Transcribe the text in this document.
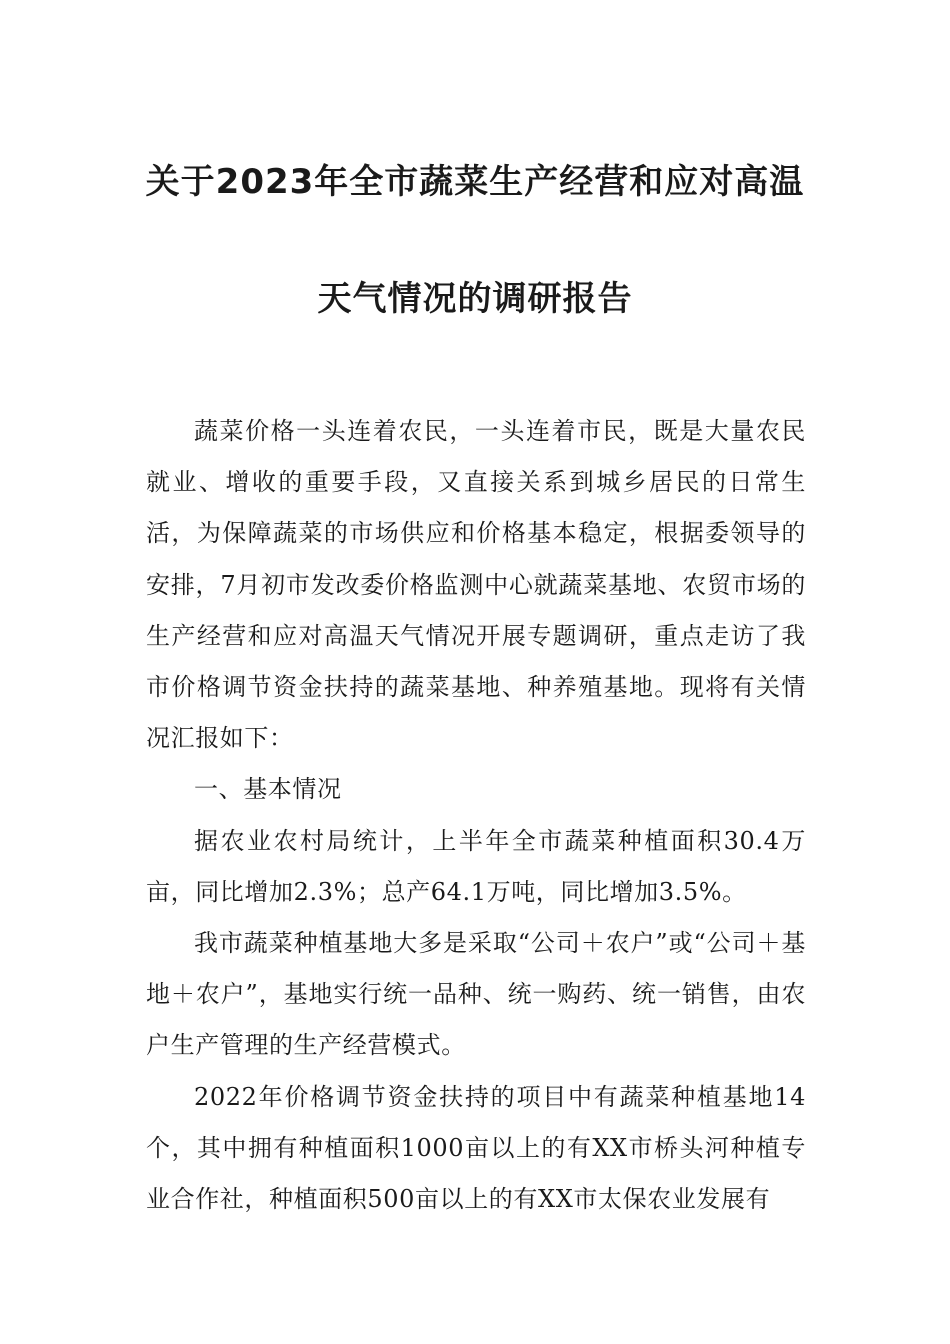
关于2023年全市蔬菜生产经营和应对高温
天气情况的调研报告

蔬菜价格一头连着农民，一头连着市民，既是大量农民就业、增收的重要手段，又直接关系到城乡居民的日常生活，为保障蔬菜的市场供应和价格基本稳定，根据委领导的安排，7月初市发改委价格监测中心就蔬菜基地、农贸市场的生产经营和应对高温天气情况开展专题调研，重点走访了我市价格调节资金扶持的蔬菜基地、种养殖基地。现将有关情况汇报如下：

一、基本情况

据农业农村局统计，上半年全市蔬菜种植面积30.4万亩，同比增加2.3%；总产64.1万吨，同比增加3.5%。

我市蔬菜种植基地大多是采取“公司＋农户”或“公司＋基地＋农户”，基地实行统一品种、统一购药、统一销售，由农户生产管理的生产经营模式。

2022年价格调节资金扶持的项目中有蔬菜种植基地14个，其中拥有种植面积1000亩以上的有XX市桥头河种植专业合作社，种植面积500亩以上的有XX市太保农业发展有
